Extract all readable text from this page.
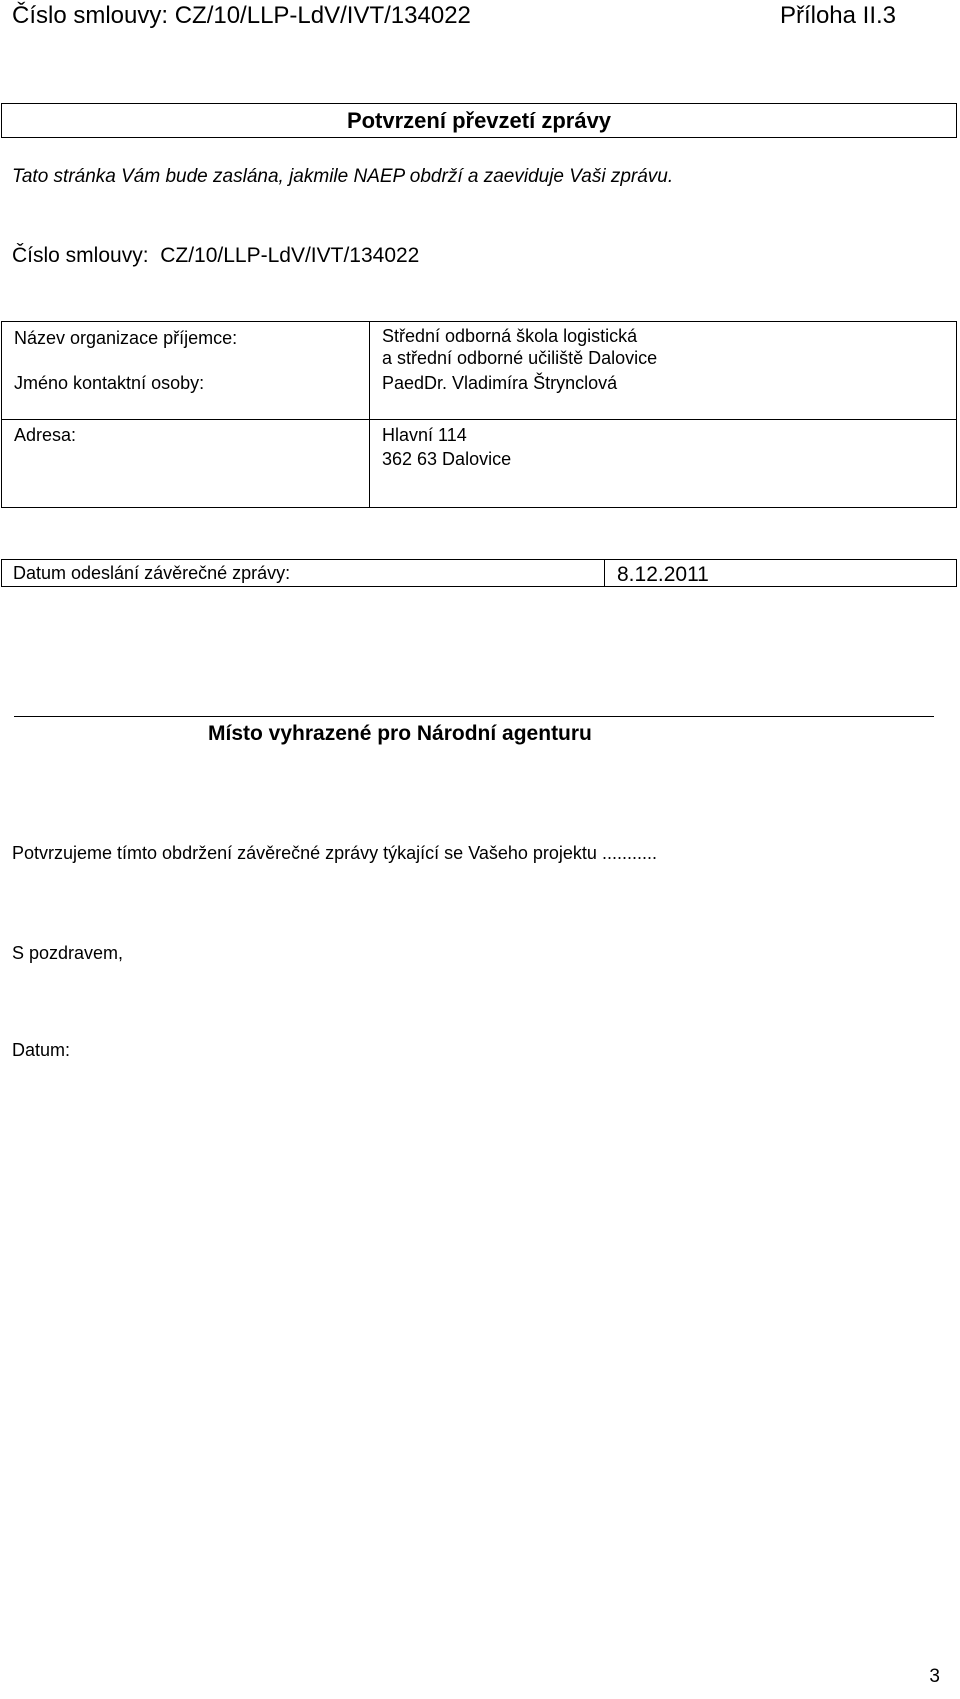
Číslo smlouvy: CZ/10/LLP-LdV/IVT/134022	Příloha II.3
Potvrzení převzetí zprávy
Tato stránka Vám bude zaslána, jakmile NAEP obdrží a zaeviduje Vaši zprávu.
Číslo smlouvy: CZ/10/LLP-LdV/IVT/134022
Název organizace příjemce:	Střední odborná škola logistická
a střední odborné učiliště Dalovice
Jméno kontaktní osoby:	PaedDr. Vladimíra Štrynclová
Adresa:	Hlavní 114
362 63 Dalovice
Datum odeslání závěrečné zprávy:	8.12.2011
Místo vyhrazené pro Národní agenturu
Potvrzujeme tímto obdržení závěrečné zprávy týkající se Vašeho projektu ...........
S pozdravem,
Datum:
3
